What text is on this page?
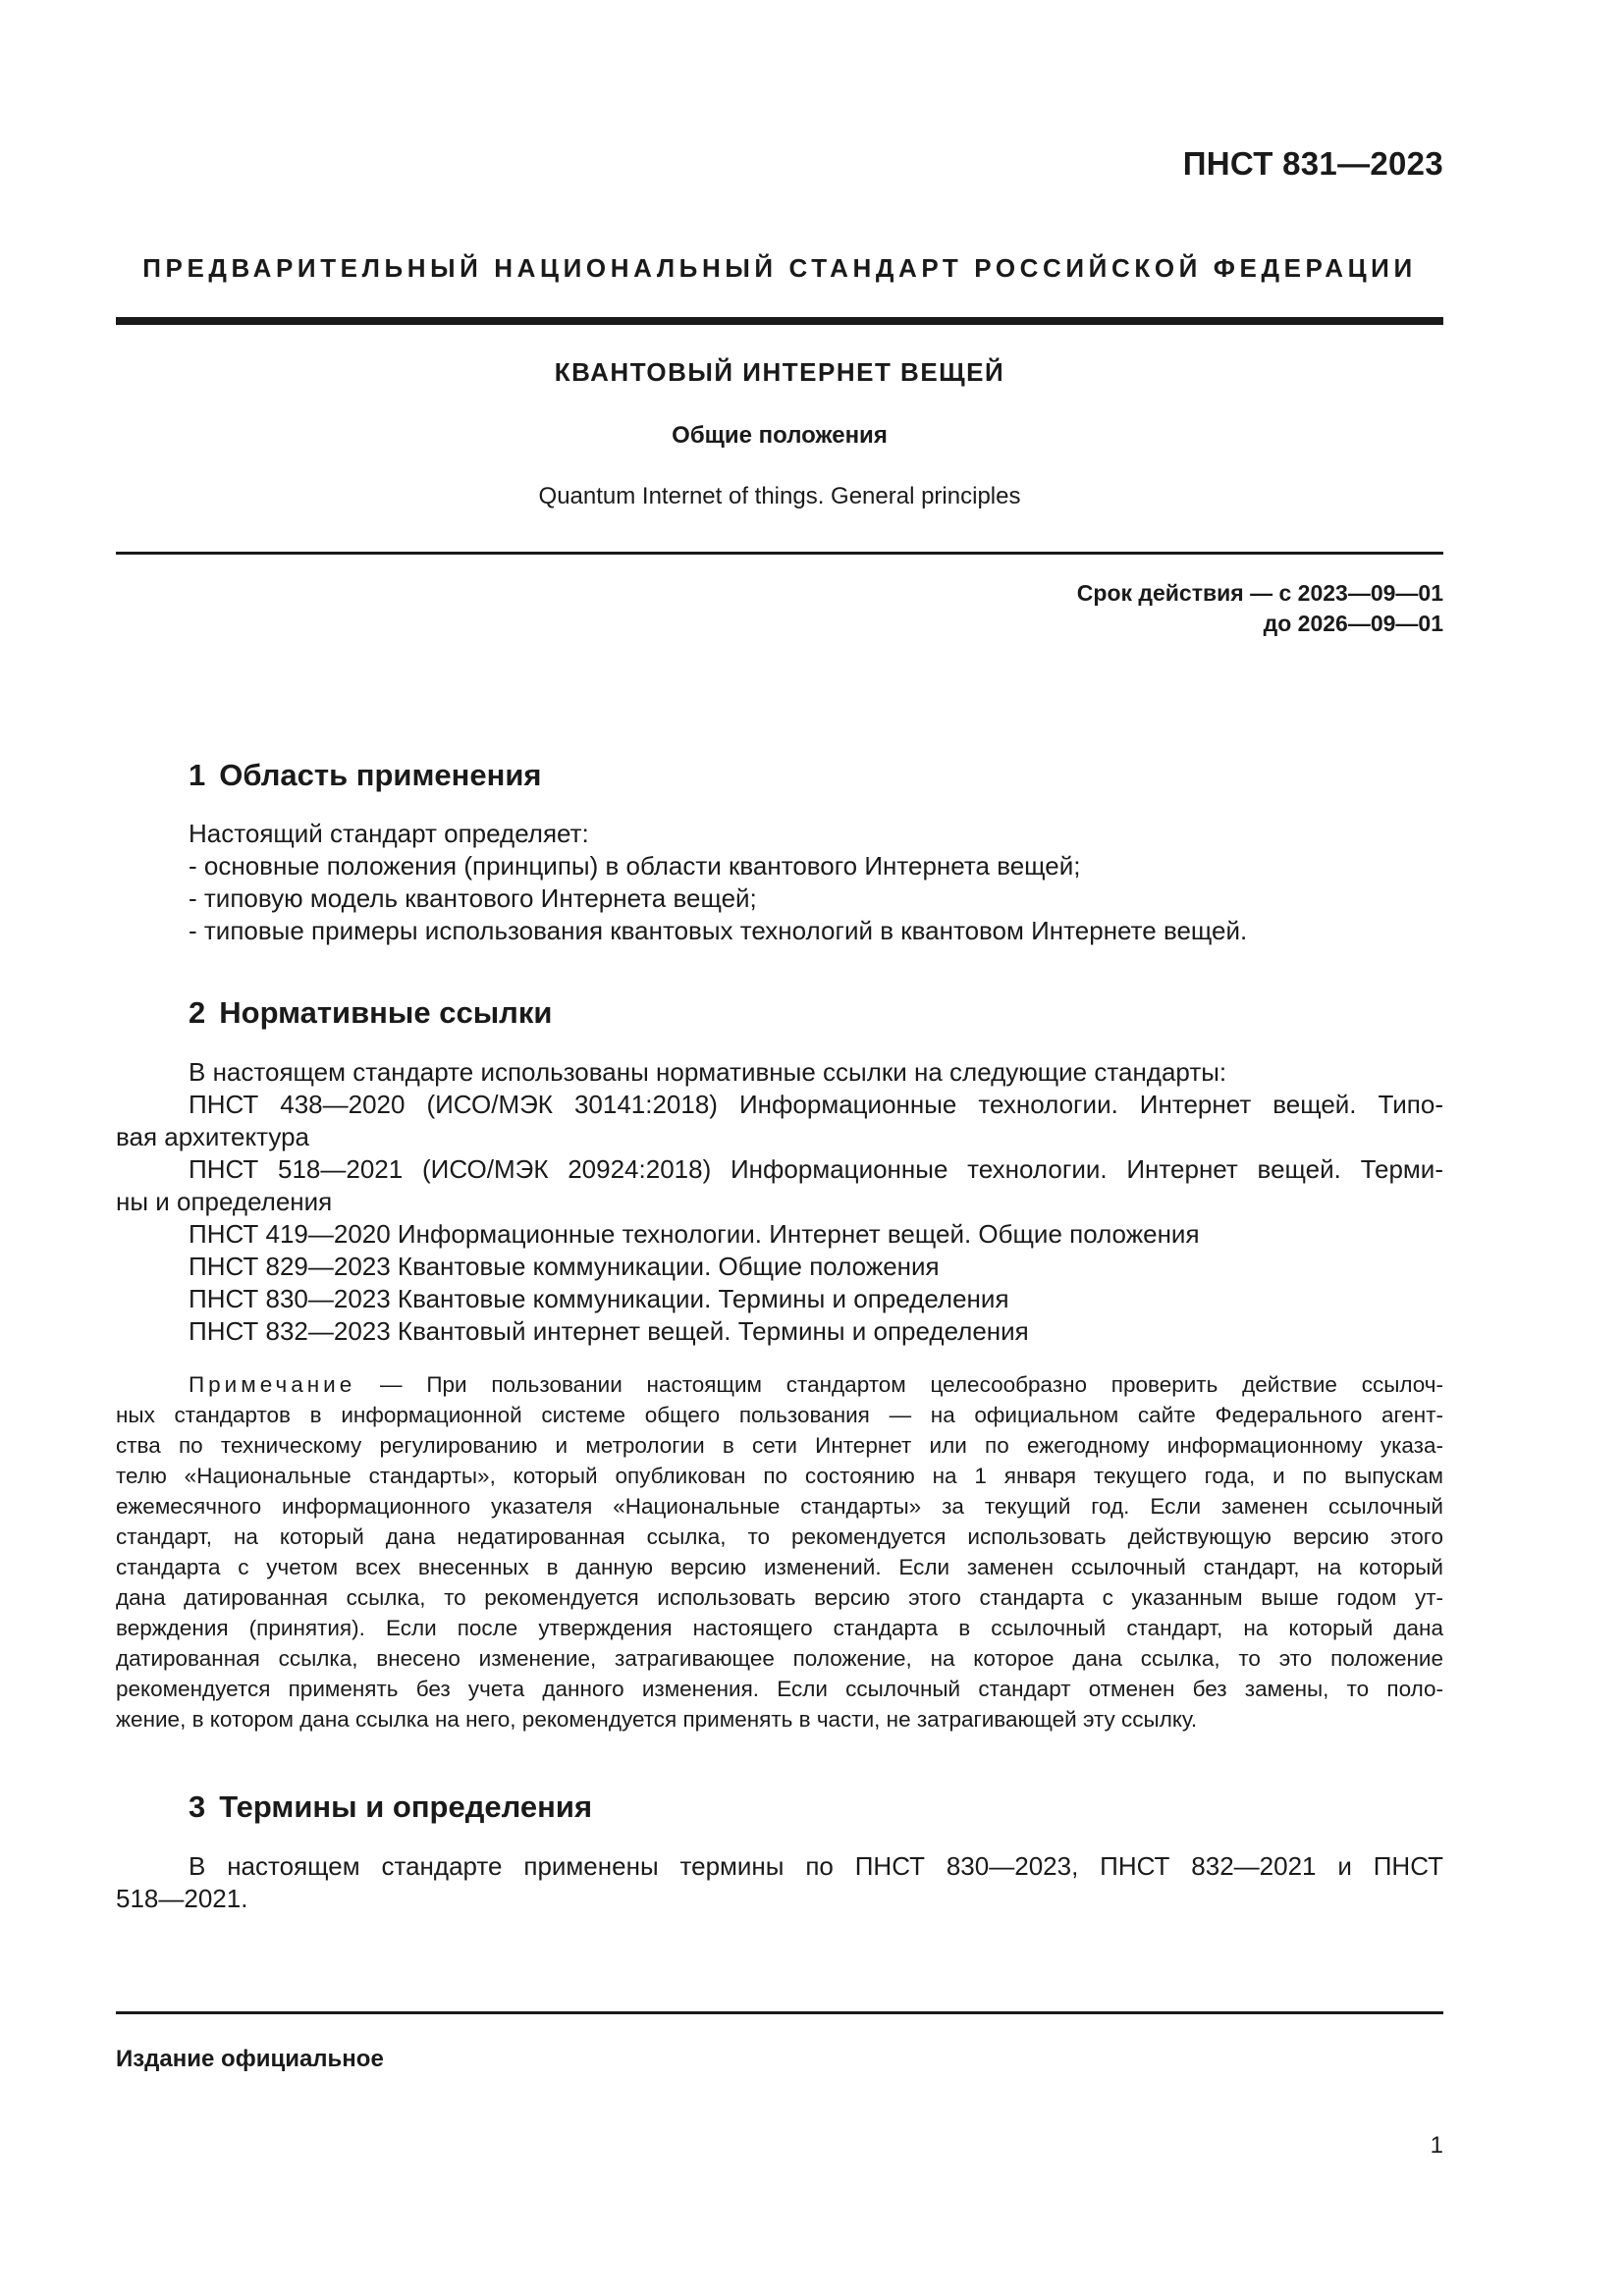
ПНСТ 831—2023
ПРЕДВАРИТЕЛЬНЫЙ НАЦИОНАЛЬНЫЙ СТАНДАРТ РОССИЙСКОЙ ФЕДЕРАЦИИ
КВАНТОВЫЙ ИНТЕРНЕТ ВЕЩЕЙ
Общие положения
Quantum Internet of things. General principles
Срок действия — с 2023—09—01
до 2026—09—01
1 Область применения
Настоящий стандарт определяет:
- основные положения (принципы) в области квантового Интернета вещей;
- типовую модель квантового Интернета вещей;
- типовые примеры использования квантовых технологий в квантовом Интернете вещей.
2 Нормативные ссылки
В настоящем стандарте использованы нормативные ссылки на следующие стандарты:
ПНСТ 438—2020 (ИСО/МЭК 30141:2018) Информационные технологии. Интернет вещей. Типо-
вая архитектура
ПНСТ 518—2021 (ИСО/МЭК 20924:2018) Информационные технологии. Интернет вещей. Терми-
ны и определения
ПНСТ 419—2020 Информационные технологии. Интернет вещей. Общие положения
ПНСТ 829—2023 Квантовые коммуникации. Общие положения
ПНСТ 830—2023 Квантовые коммуникации. Термины и определения
ПНСТ 832—2023 Квантовый интернет вещей. Термины и определения
Примечание — При пользовании настоящим стандартом целесообразно проверить действие ссылоч-
ных стандартов в информационной системе общего пользования — на официальном сайте Федерального агент-
ства по техническому регулированию и метрологии в сети Интернет или по ежегодному информационному указа-
телю «Национальные стандарты», который опубликован по состоянию на 1 января текущего года, и по выпускам
ежемесячного информационного указателя «Национальные стандарты» за текущий год. Если заменен ссылочный
стандарт, на который дана недатированная ссылка, то рекомендуется использовать действующую версию этого
стандарта с учетом всех внесенных в данную версию изменений. Если заменен ссылочный стандарт, на который
дана датированная ссылка, то рекомендуется использовать версию этого стандарта с указанным выше годом ут-
верждения (принятия). Если после утверждения настоящего стандарта в ссылочный стандарт, на который дана
датированная ссылка, внесено изменение, затрагивающее положение, на которое дана ссылка, то это положение
рекомендуется применять без учета данного изменения. Если ссылочный стандарт отменен без замены, то поло-
жение, в котором дана ссылка на него, рекомендуется применять в части, не затрагивающей эту ссылку.
3 Термины и определения
В настоящем стандарте применены термины по ПНСТ 830—2023, ПНСТ 832—2021 и ПНСТ
518—2021.
Издание официальное
1
